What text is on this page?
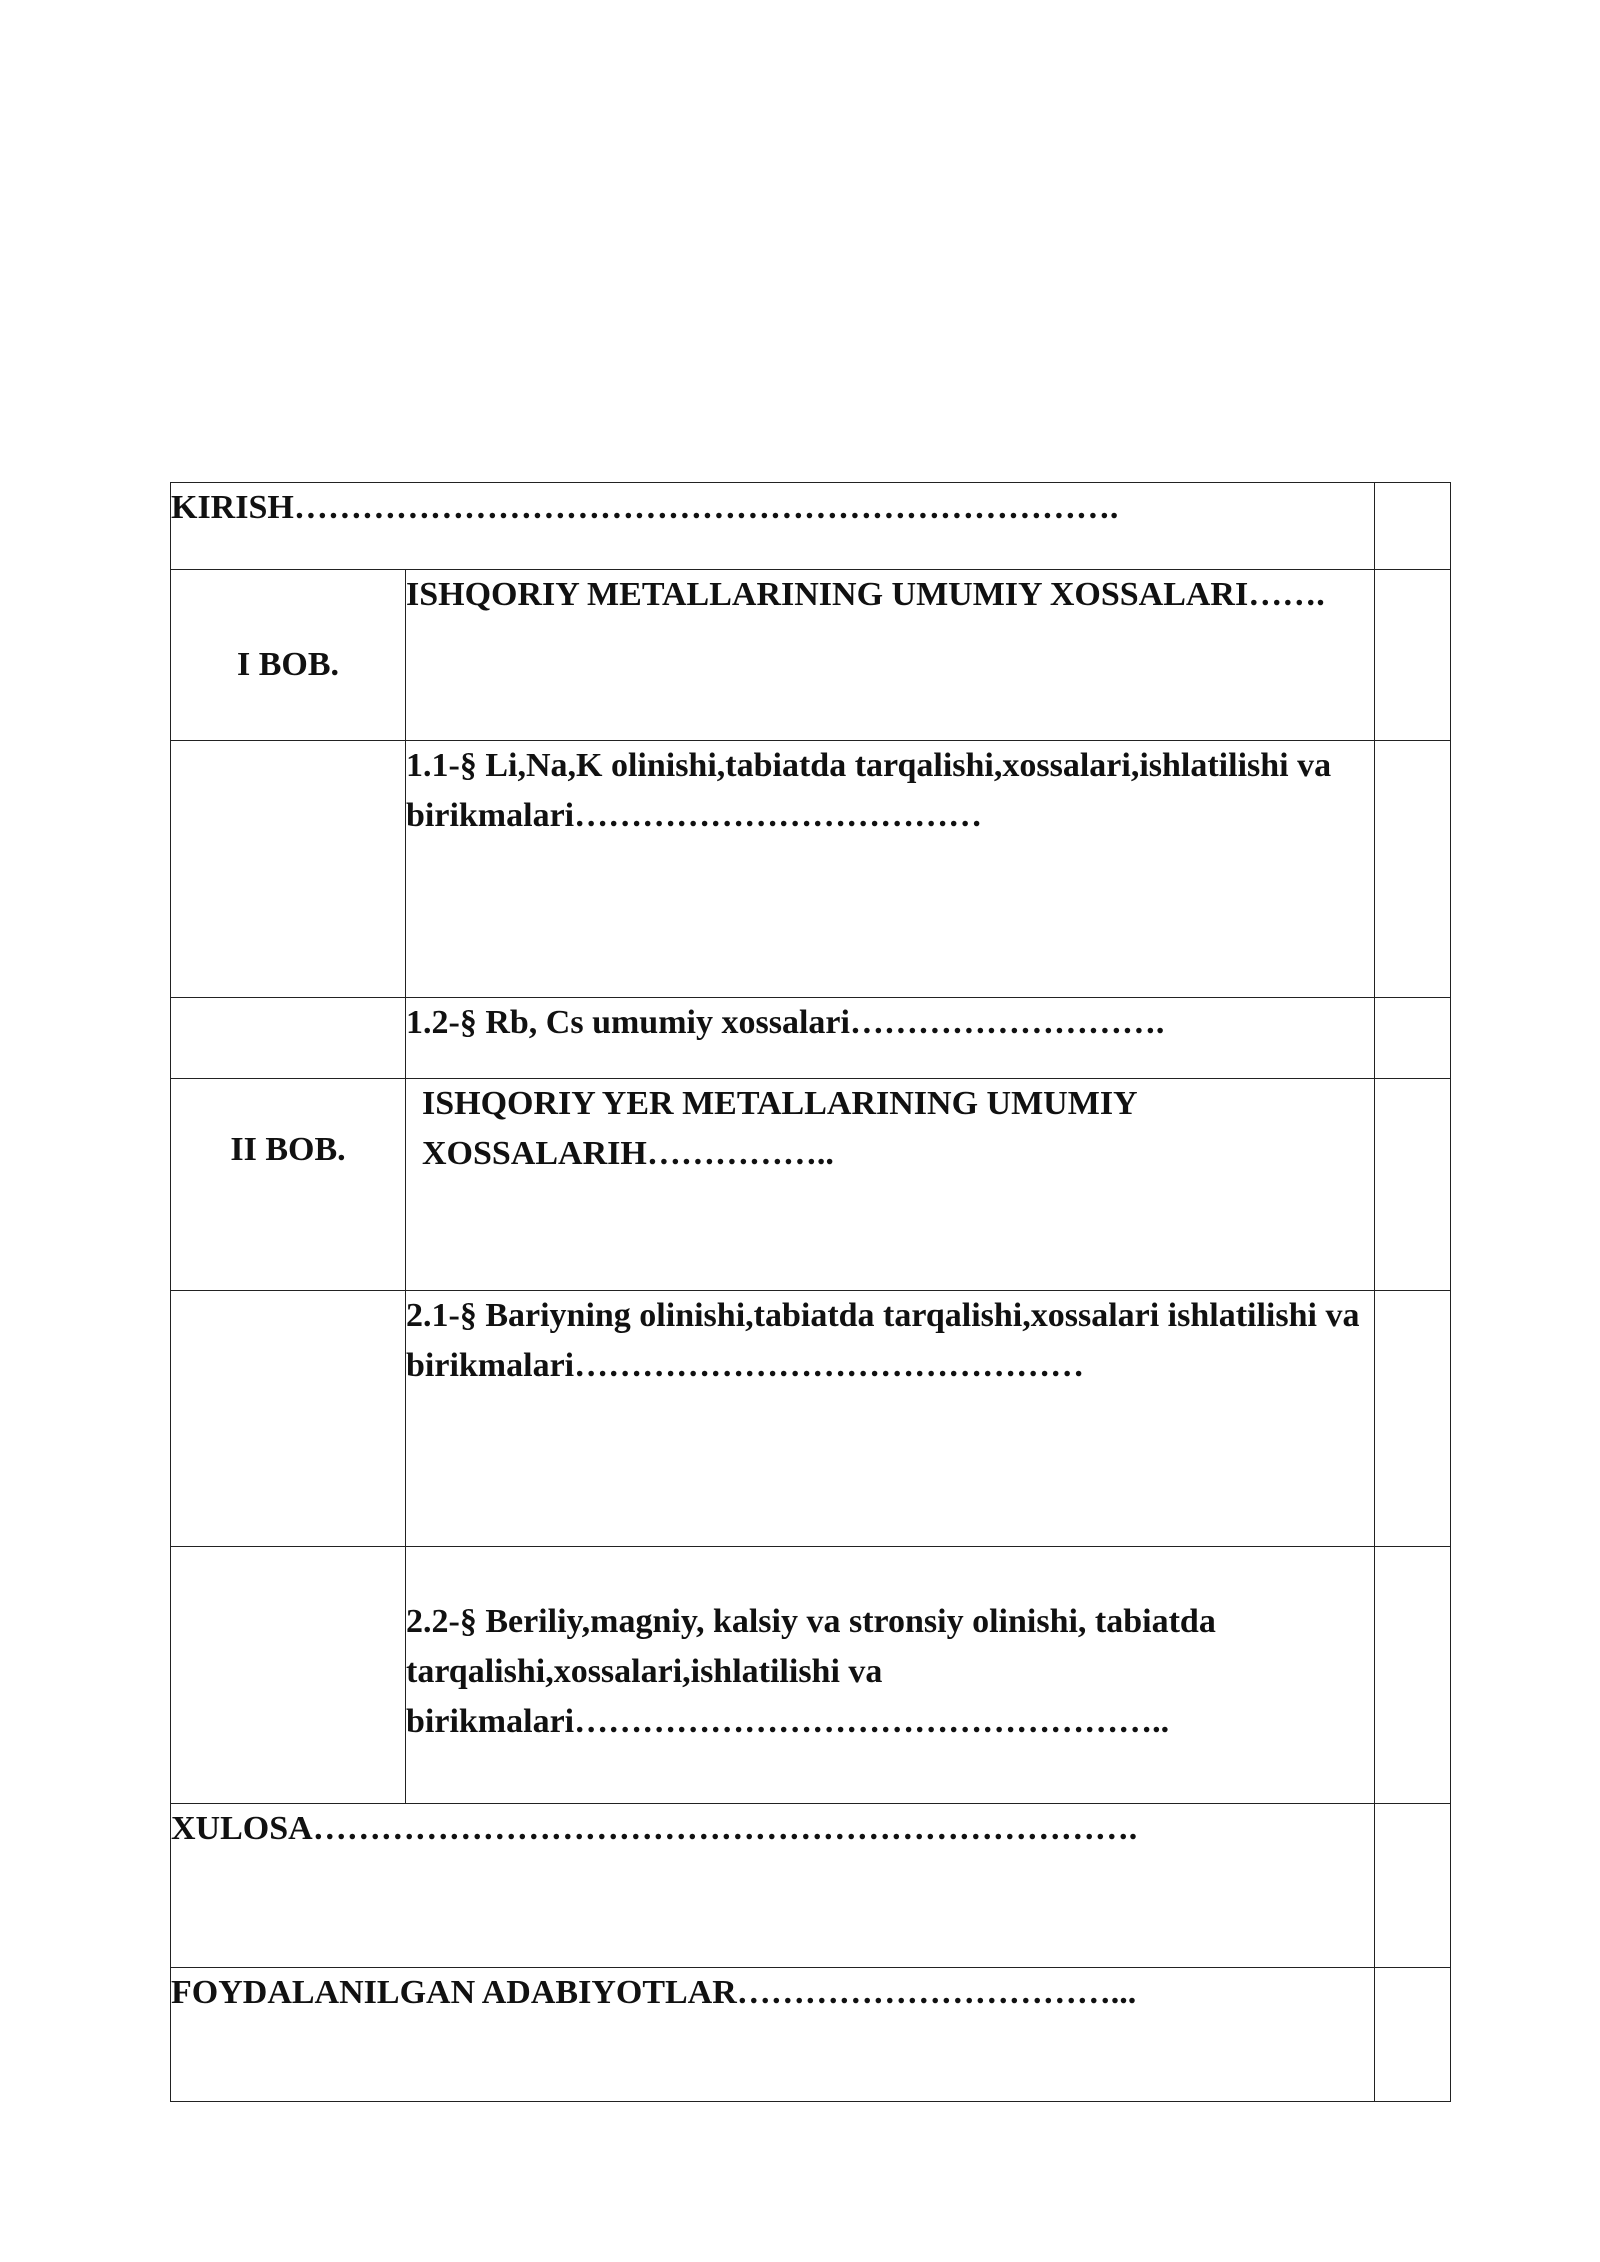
KIRISH……………………………………………………………….		
I BOB.	ISHQORIY METALLARINING UMUMIY XOSSALARI…….	
	1.1-§ Li,Na,K olinishi,tabiatda tarqalishi,xossalari,ishlatilishi va birikmalari………………………………	
	1.2-§ Rb, Cs umumiy xossalari……………………….	
II BOB.	ISHQORIY YER METALLARINING UMUMIY XOSSALARIH……………..	
	2.1-§ Bariyning olinishi,tabiatda tarqalishi,xossalari ishlatilishi va birikmalari………………………………………	
	2.2-§ Beriliy,magniy, kalsiy va stronsiy olinishi, tabiatda tarqalishi,xossalari,ishlatilishi va birikmalari……………………………………………..	
XULOSA……………………………………………………………….		
FOYDALANILGAN ADABIYOTLAR……………………………...		
